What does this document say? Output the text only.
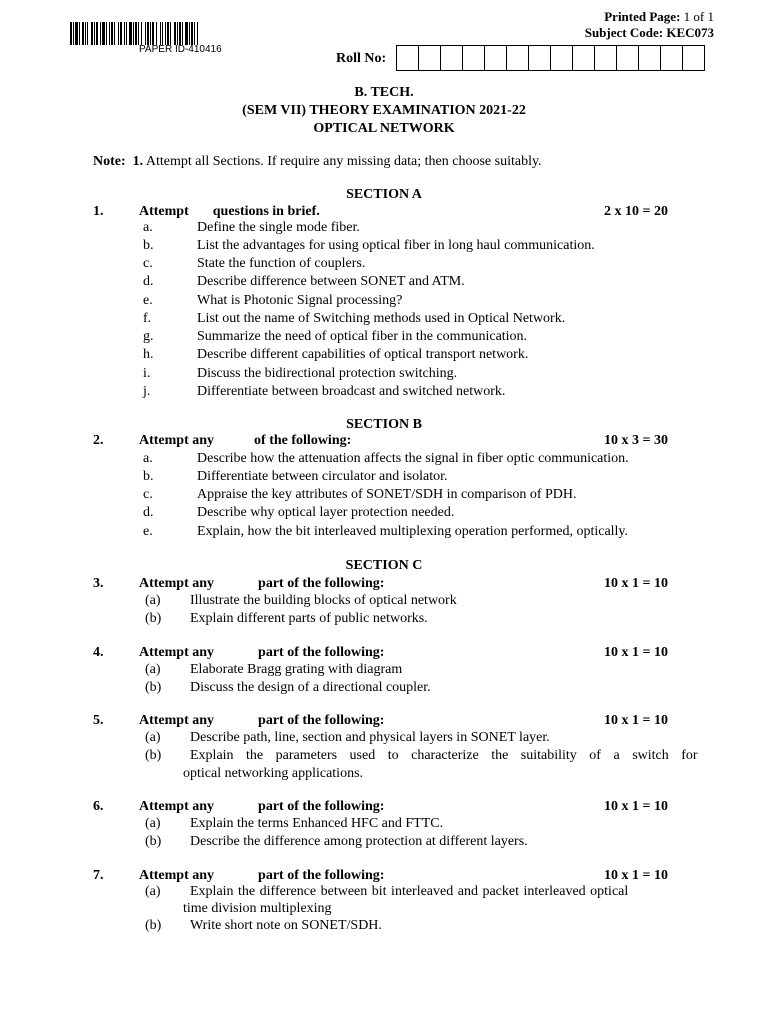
PAPER ID-410416
Printed Page: 1 of 1
Subject Code: KEC073
Roll No:
B. TECH.
(SEM VII) THEORY EXAMINATION 2021-22
OPTICAL NETWORK
Note: 1. Attempt all Sections. If require any missing data; then choose suitably.
SECTION A
1.	Attempt questions in brief.	2 x 10 = 20
a.	Define the single mode fiber.
b.	List the advantages for using optical fiber in long haul communication.
c.	State the function of couplers.
d.	Describe difference between SONET and ATM.
e.	What is Photonic Signal processing?
f.	List out the name of Switching methods used in Optical Network.
g.	Summarize the need of optical fiber in the communication.
h.	Describe different capabilities of optical transport network.
i.	Discuss the bidirectional protection switching.
j.	Differentiate between broadcast and switched network.
SECTION B
2.	Attempt any	of the following:	10 x 3 = 30
a.	Describe how the attenuation affects the signal in fiber optic communication.
b.	Differentiate between circulator and isolator.
c.	Appraise the key attributes of SONET/SDH in comparison of PDH.
d.	Describe why optical layer protection needed.
e.	Explain, how the bit interleaved multiplexing operation performed, optically.
SECTION C
3.	Attempt any	part of the following:	10 x 1 = 10
(a) Illustrate the building blocks of optical network
(b) Explain different parts of public networks.
4.	Attempt any	part of the following:	10 x 1 = 10
(a) Elaborate Bragg grating with diagram
(b) Discuss the design of a directional coupler.
5.	Attempt any	part of the following:	10 x 1 = 10
(a) Describe path, line, section and physical layers in SONET layer.
(b) Explain the parameters used to characterize the suitability of a switch for
optical networking applications.
6.	Attempt any	part of the following:	10 x 1 = 10
(a) Explain the terms Enhanced HFC and FTTC.
(b) Describe the difference among protection at different layers.
7.	Attempt any	part of the following:	10 x 1 = 10
(a) Explain the difference between bit interleaved and packet interleaved optical
time division multiplexing
(b) Write short note on SONET/SDH.
